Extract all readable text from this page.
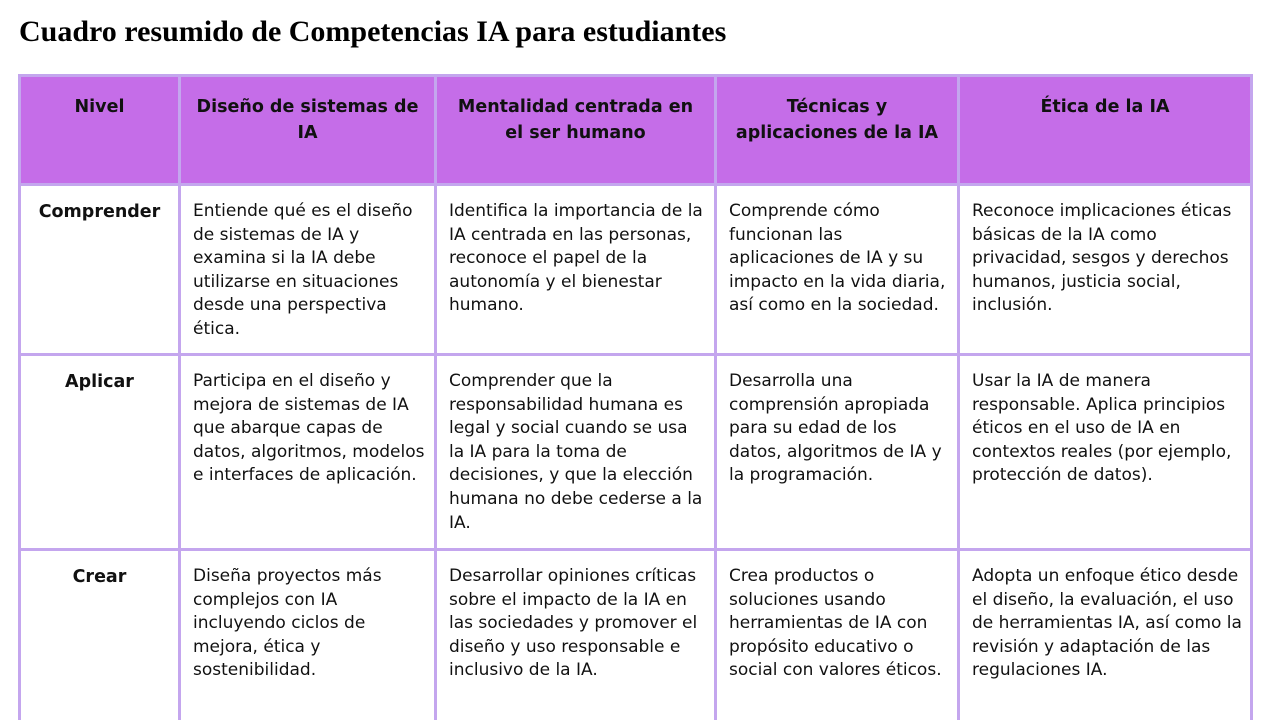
Cuadro resumido de Competencias IA para estudiantes
Nivel	Diseño de sistemas de IA	Mentalidad centrada en el ser humano	Técnicas y aplicaciones de la IA	Ética de la IA
Comprender	Entiende qué es el diseño de sistemas de IA y examina si la IA debe utilizarse en situaciones desde una perspectiva ética.	Identifica la importancia de la IA centrada en las personas, reconoce el papel de la autonomía y el bienestar humano.	Comprende cómo funcionan las aplicaciones de IA y su impacto en la vida diaria, así como en la sociedad.	Reconoce implicaciones éticas básicas de la IA como privacidad, sesgos y derechos humanos, justicia social, inclusión.
Aplicar	Participa en el diseño y mejora de sistemas de IA que abarque capas de datos, algoritmos, modelos e interfaces de aplicación.	Comprender que la responsabilidad humana es legal y social cuando se usa la IA para la toma de decisiones, y que la elección humana no debe cederse a la IA.	Desarrolla una comprensión apropiada para su edad de los datos, algoritmos de IA y la programación.	Usar la IA de manera responsable. Aplica principios éticos en el uso de IA en contextos reales (por ejemplo, protección de datos).
Crear	Diseña proyectos más complejos con IA incluyendo ciclos de mejora, ética y sostenibilidad.	Desarrollar opiniones críticas sobre el impacto de la IA en las sociedades y promover el diseño y uso responsable e inclusivo de la IA.	Crea productos o soluciones usando herramientas de IA con propósito educativo o social con valores éticos.	Adopta un enfoque ético desde el diseño, la evaluación, el uso de herramientas IA, así como la revisión y adaptación de las regulaciones IA.
